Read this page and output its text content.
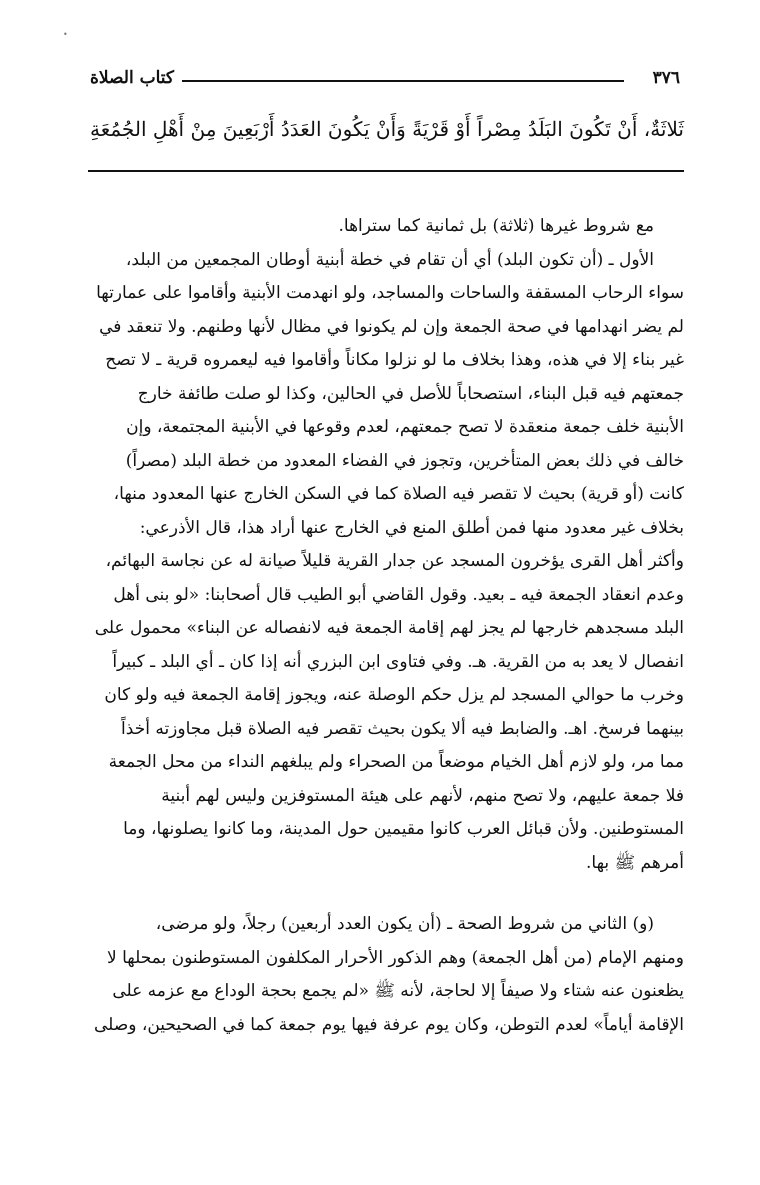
•
٣٧٦
كتاب الصلاة
ثَلاثَةٌ، أَنْ تَكُونَ البَلَدُ مِصْراً أَوْ قَرْيَةً وَأَنْ يَكُونَ العَدَدُ أَرْبَعِينَ مِنْ أَهْلِ الجُمُعَةِ

مع شروط غيرها (ثلاثة) بل ثمانية كما ستراها.

الأول ـ (أن تكون البلد) أي أن تقام في خطة أبنية أوطان المجمعين من البلد،
سواء الرحاب المسقفة والساحات والمساجد، ولو انهدمت الأبنية وأقاموا على عمارتها
لم يضر انهدامها في صحة الجمعة وإن لم يكونوا في مظال لأنها وطنهم. ولا تنعقد في
غير بناء إلا في هذه، وهذا بخلاف ما لو نزلوا مكاناً وأقاموا فيه ليعمروه قرية ـ لا تصح
جمعتهم فيه قبل البناء، استصحاباً للأصل في الحالين، وكذا لو صلت طائفة خارج
الأبنية خلف جمعة منعقدة لا تصح جمعتهم، لعدم وقوعها في الأبنية المجتمعة، وإن
خالف في ذلك بعض المتأخرين، وتجوز في الفضاء المعدود من خطة البلد (مصراً)
كانت (أو قرية) بحيث لا تقصر فيه الصلاة كما في السكن الخارج عنها المعدود منها،
بخلاف غير معدود منها فمن أطلق المنع في الخارج عنها أراد هذا، قال الأذرعي:
وأكثر أهل القرى يؤخرون المسجد عن جدار القرية قليلاً صيانة له عن نجاسة البهائم،
وعدم انعقاد الجمعة فيه ـ بعيد. وقول القاضي أبو الطيب قال أصحابنا: «لو بنى أهل
البلد مسجدهم خارجها لم يجز لهم إقامة الجمعة فيه لانفصاله عن البناء» محمول على
انفصال لا يعد به من القرية. هـ. وفي فتاوى ابن البزري أنه إذا كان ـ أي البلد ـ كبيراً
وخرب ما حوالي المسجد لم يزل حكم الوصلة عنه، ويجوز إقامة الجمعة فيه ولو كان
بينهما فرسخ. اهـ. والضابط فيه ألا يكون بحيث تقصر فيه الصلاة قبل مجاوزته أخذاً
مما مر، ولو لازم أهل الخيام موضعاً من الصحراء ولم يبلغهم النداء من محل الجمعة
فلا جمعة عليهم، ولا تصح منهم، لأنهم على هيئة المستوفزين وليس لهم أبنية
المستوطنين. ولأن قبائل العرب كانوا مقيمين حول المدينة، وما كانوا يصلونها، وما
أمرهم ﷺ بها.

(و) الثاني من شروط الصحة ـ (أن يكون العدد أربعين) رجلاً، ولو مرضى،
ومنهم الإمام (من أهل الجمعة) وهم الذكور الأحرار المكلفون المستوطنون بمحلها لا
يظعنون عنه شتاء ولا صيفاً إلا لحاجة، لأنه ﷺ «لم يجمع بحجة الوداع مع عزمه على
الإقامة أياماً» لعدم التوطن، وكان يوم عرفة فيها يوم جمعة كما في الصحيحين، وصلى
